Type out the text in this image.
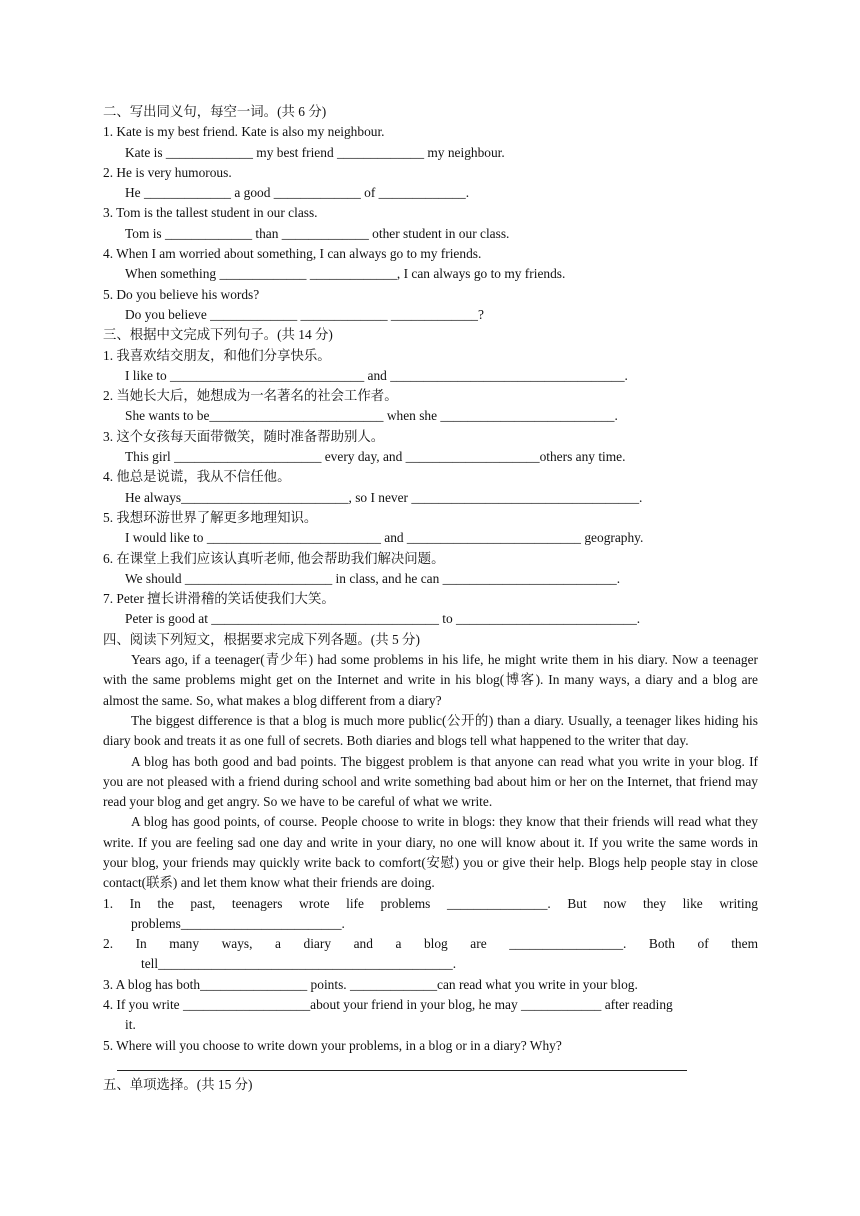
二、写出同义句，每空一词。(共 6 分)
1. Kate is my best friend. Kate is also my neighbour.
Kate is _____________ my best friend _____________ my neighbour.
2. He is very humorous.
He _____________ a good _____________ of _____________.
3. Tom is the tallest student in our class.
Tom is _____________ than _____________ other student in our class.
4. When I am worried about something, I can always go to my friends.
When something _____________ _____________, I can always go to my friends.
5. Do you believe his words?
Do you believe _____________ _____________ _____________?
三、根据中文完成下列句子。(共 14 分)
1. 我喜欢结交朋友，和他们分享快乐。
I like to _____________________________ and ___________________________________.
2. 当她长大后，她想成为一名著名的社会工作者。
She wants to be__________________________ when she __________________________.
3. 这个女孩每天面带微笑，随时准备帮助别人。
This girl ______________________ every day, and ____________________others any time.
4. 他总是说谎，我从不信任他。
He always_________________________, so I never __________________________________.
5. 我想环游世界了解更多地理知识。
I would like to __________________________ and __________________________ geography.
6. 在课堂上我们应该认真听老师, 他会帮助我们解决问题。
We should ______________________ in class, and he can __________________________.
7. Peter 擅长讲滑稽的笑话使我们大笑。
Peter is good at __________________________________ to ___________________________.
四、阅读下列短文，根据要求完成下列各题。(共 5 分)
Years ago, if a teenager(青少年) had some problems in his life, he might write them in his diary. Now a teenager with the same problems might get on the Internet and write in his blog(博客). In many ways, a diary and a blog are almost the same. So, what makes a blog different from a diary?
The biggest difference is that a blog is much more public(公开的) than a diary. Usually, a teenager likes hiding his diary book and treats it as one full of secrets. Both diaries and blogs tell what happened to the writer that day.
A blog has both good and bad points. The biggest problem is that anyone can read what you write in your blog. If you are not pleased with a friend during school and write something bad about him or her on the Internet, that friend may read your blog and get angry. So we have to be careful of what we write.
A blog has good points, of course. People choose to write in blogs: they know that their friends will read what they write. If you are feeling sad one day and write in your diary, no one will know about it. If you write the same words in your blog, your friends may quickly write back to comfort(安慰) you or give their help. Blogs help people stay in close contact(联系) and let them know what their friends are doing.
1. In the past, teenagers wrote life problems _______________. But now they like writing
problems________________________.
2. In many ways, a diary and a blog are _________________. Both of them
tell____________________________________________.
3. A blog has both________________ points. _____________can read what you write in your blog.
4. If you write ___________________about your friend in your blog, he may ____________ after reading
it.
5. Where will you choose to write down your problems, in a blog or in a diary? Why?
五、单项选择。(共 15 分)
